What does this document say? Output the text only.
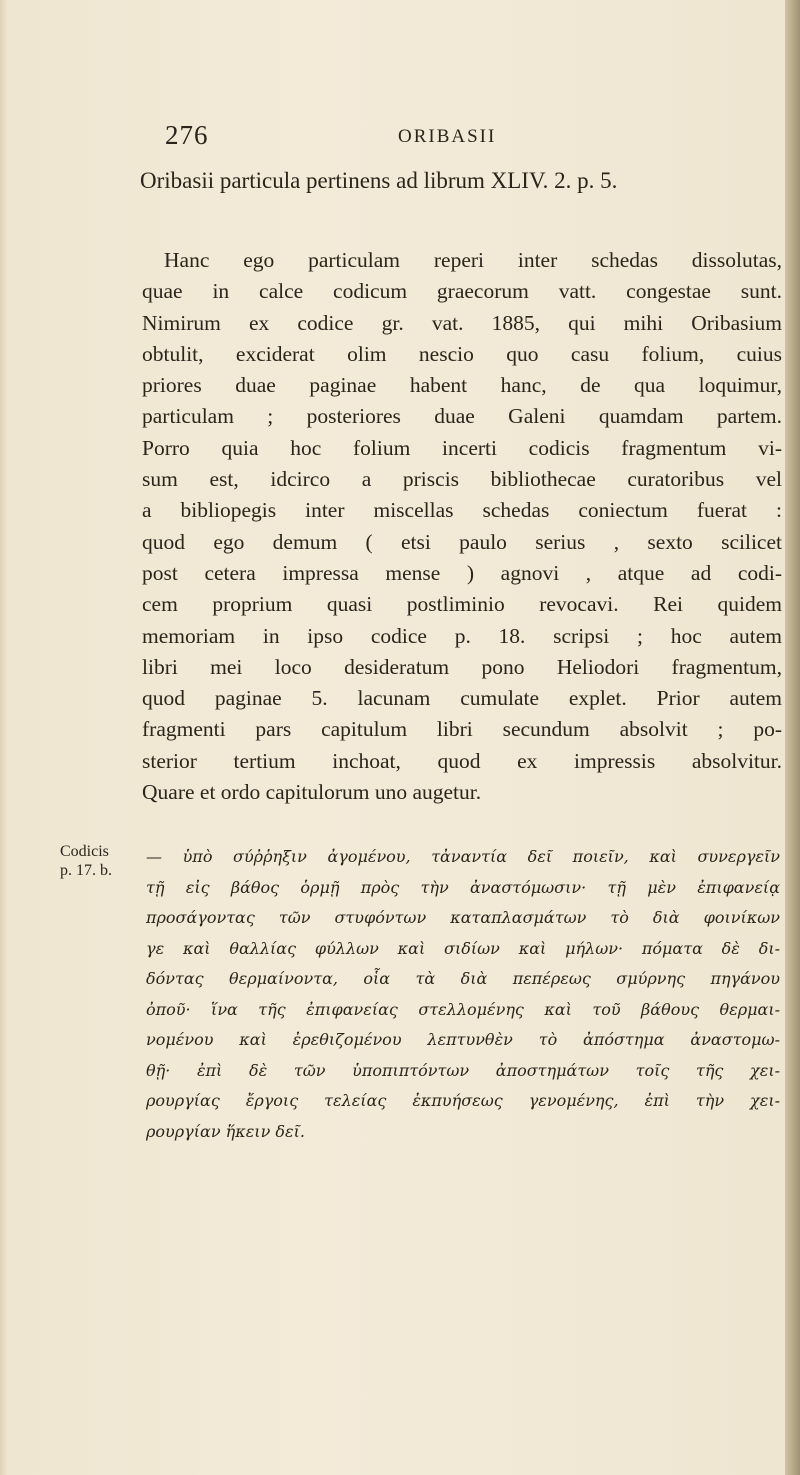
276	ORIBASII
Oribasii particula pertinens ad librum XLIV. 2. p. 5.
Hanc ego particulam reperi inter schedas dissolutas,
quae in calce codicum graecorum vatt. congestae sunt.
Nimirum ex codice gr. vat. 1885, qui mihi Oribasium
obtulit, exciderat olim nescio quo casu folium, cuius
priores duae paginae habent hanc, de qua loquimur,
particulam ; posteriores duae Galeni quamdam partem.
Porro quia hoc folium incerti codicis fragmentum vi-
sum est, idcirco a priscis bibliothecae curatoribus vel
a bibliopegis inter miscellas schedas coniectum fuerat :
quod ego demum ( etsi paulo serius , sexto scilicet
post cetera impressa mense ) agnovi , atque ad codi-
cem proprium quasi postliminio revocavi. Rei quidem
memoriam in ipso codice p. 18. scripsi ; hoc autem
libri mei loco desideratum pono Heliodori fragmentum,
quod paginae 5. lacunam cumulate explet. Prior autem
fragmenti pars capitulum libri secundum absolvit ; po-
sterior tertium inchoat, quod ex impressis absolvitur.
Quare et ordo capitulorum uno augetur.
Codicis
p. 17. b.
— ὑπὸ σύῤῥηξιν ἀγομένου, τἀναντία δεῖ ποιεῖν, καὶ συνεργεῖν
τῇ εἰς βάθος ὁρμῇ πρὸς τὴν ἀναστόμωσιν· τῇ μὲν ἐπιφανείᾳ
προσάγοντας τῶν στυφόντων καταπλασμάτων τὸ διὰ φοινίκων
γε καὶ θαλλίας φύλλων καὶ σιδίων καὶ μήλων· πόματα δὲ δι-
δόντας θερμαίνοντα, οἷα τὰ διὰ πεπέρεως σμύρνης πηγάνου
ὀποῦ· ἵνα τῆς ἐπιφανείας στελλομένης καὶ τοῦ βάθους θερμαι-
νομένου καὶ ἐρεθιζομένου λεπτυνθὲν τὸ ἀπόστημα ἀναστομω-
θῇ· ἐπὶ δὲ τῶν ὑποπιπτόντων ἀποστημάτων τοῖς τῆς χει-
ρουργίας ἔργοις τελείας ἐκπυήσεως γενομένης, ἐπὶ τὴν χει-
ρουργίαν ἥκειν δεῖ.
